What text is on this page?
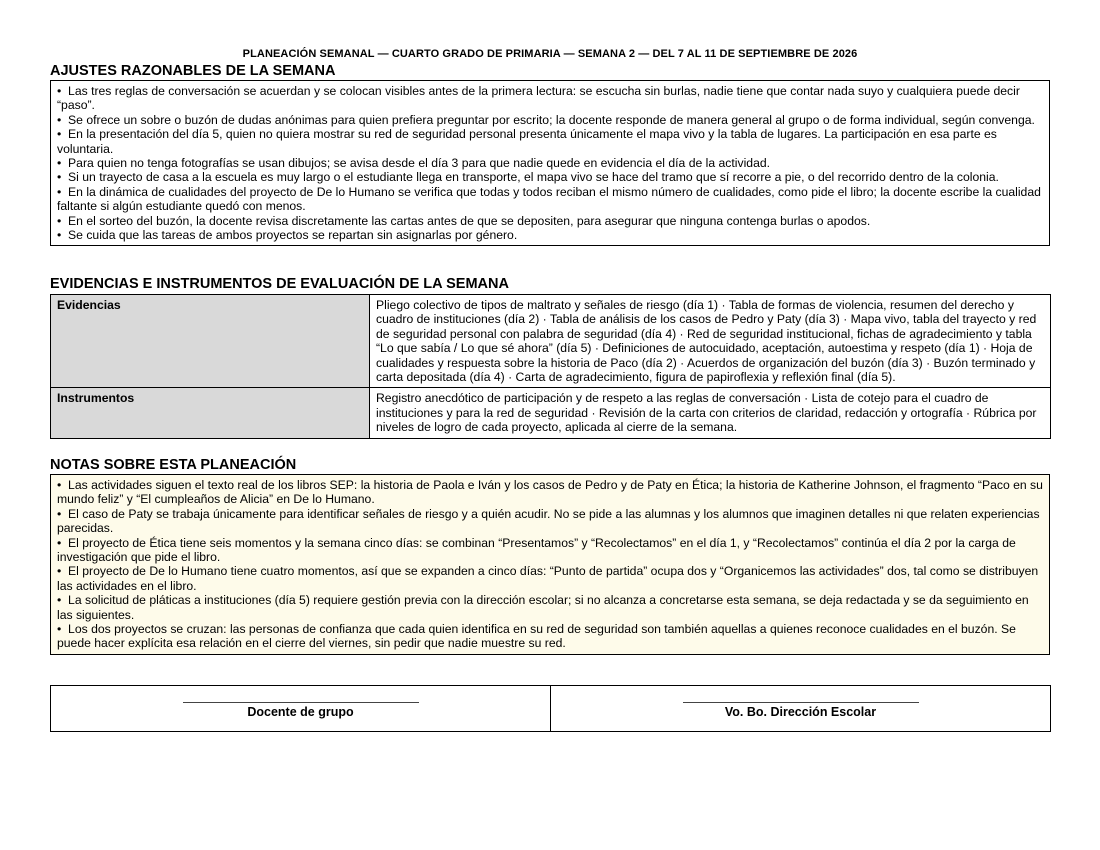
PLANEACIÓN SEMANAL — CUARTO GRADO DE PRIMARIA — SEMANA 2 — DEL 7 AL 11 DE SEPTIEMBRE DE 2026
AJUSTES RAZONABLES DE LA SEMANA
• Las tres reglas de conversación se acuerdan y se colocan visibles antes de la primera lectura: se escucha sin burlas, nadie tiene que contar nada suyo y cualquiera puede decir “paso”.
• Se ofrece un sobre o buzón de dudas anónimas para quien prefiera preguntar por escrito; la docente responde de manera general al grupo o de forma individual, según convenga.
• En la presentación del día 5, quien no quiera mostrar su red de seguridad personal presenta únicamente el mapa vivo y la tabla de lugares. La participación en esa parte es voluntaria.
• Para quien no tenga fotografías se usan dibujos; se avisa desde el día 3 para que nadie quede en evidencia el día de la actividad.
• Si un trayecto de casa a la escuela es muy largo o el estudiante llega en transporte, el mapa vivo se hace del tramo que sí recorre a pie, o del recorrido dentro de la colonia.
• En la dinámica de cualidades del proyecto de De lo Humano se verifica que todas y todos reciban el mismo número de cualidades, como pide el libro; la docente escribe la cualidad faltante si algún estudiante quedó con menos.
• En el sorteo del buzón, la docente revisa discretamente las cartas antes de que se depositen, para asegurar que ninguna contenga burlas o apodos.
• Se cuida que las tareas de ambos proyectos se repartan sin asignarlas por género.
EVIDENCIAS E INSTRUMENTOS DE EVALUACIÓN DE LA SEMANA
Evidencias	Pliego colectivo de tipos de maltrato y señales de riesgo (día 1) · Tabla de formas de violencia, resumen del derecho y cuadro de instituciones (día 2) · Tabla de análisis de los casos de Pedro y Paty (día 3) · Mapa vivo, tabla del trayecto y red de seguridad personal con palabra de seguridad (día 4) · Red de seguridad institucional, fichas de agradecimiento y tabla “Lo que sabía / Lo que sé ahora” (día 5) · Definiciones de autocuidado, aceptación, autoestima y respeto (día 1) · Hoja de cualidades y respuesta sobre la historia de Paco (día 2) · Acuerdos de organización del buzón (día 3) · Buzón terminado y carta depositada (día 4) · Carta de agradecimiento, figura de papiroflexia y reflexión final (día 5).
Instrumentos	Registro anecdótico de participación y de respeto a las reglas de conversación · Lista de cotejo para el cuadro de instituciones y para la red de seguridad · Revisión de la carta con criterios de claridad, redacción y ortografía · Rúbrica por niveles de logro de cada proyecto, aplicada al cierre de la semana.
NOTAS SOBRE ESTA PLANEACIÓN
• Las actividades siguen el texto real de los libros SEP: la historia de Paola e Iván y los casos de Pedro y de Paty en Ética; la historia de Katherine Johnson, el fragmento “Paco en su mundo feliz” y “El cumpleaños de Alicia” en De lo Humano.
• El caso de Paty se trabaja únicamente para identificar señales de riesgo y a quién acudir. No se pide a las alumnas y los alumnos que imaginen detalles ni que relaten experiencias parecidas.
• El proyecto de Ética tiene seis momentos y la semana cinco días: se combinan “Presentamos” y “Recolectamos” en el día 1, y “Recolectamos” continúa el día 2 por la carga de investigación que pide el libro.
• El proyecto de De lo Humano tiene cuatro momentos, así que se expanden a cinco días: “Punto de partida” ocupa dos y “Organicemos las actividades” dos, tal como se distribuyen las actividades en el libro.
• La solicitud de pláticas a instituciones (día 5) requiere gestión previa con la dirección escolar; si no alcanza a concretarse esta semana, se deja redactada y se da seguimiento en las siguientes.
• Los dos proyectos se cruzan: las personas de confianza que cada quien identifica en su red de seguridad son también aquellas a quienes reconoce cualidades en el buzón. Se puede hacer explícita esa relación en el cierre del viernes, sin pedir que nadie muestre su red.
Docente de grupo	Vo. Bo. Dirección Escolar
